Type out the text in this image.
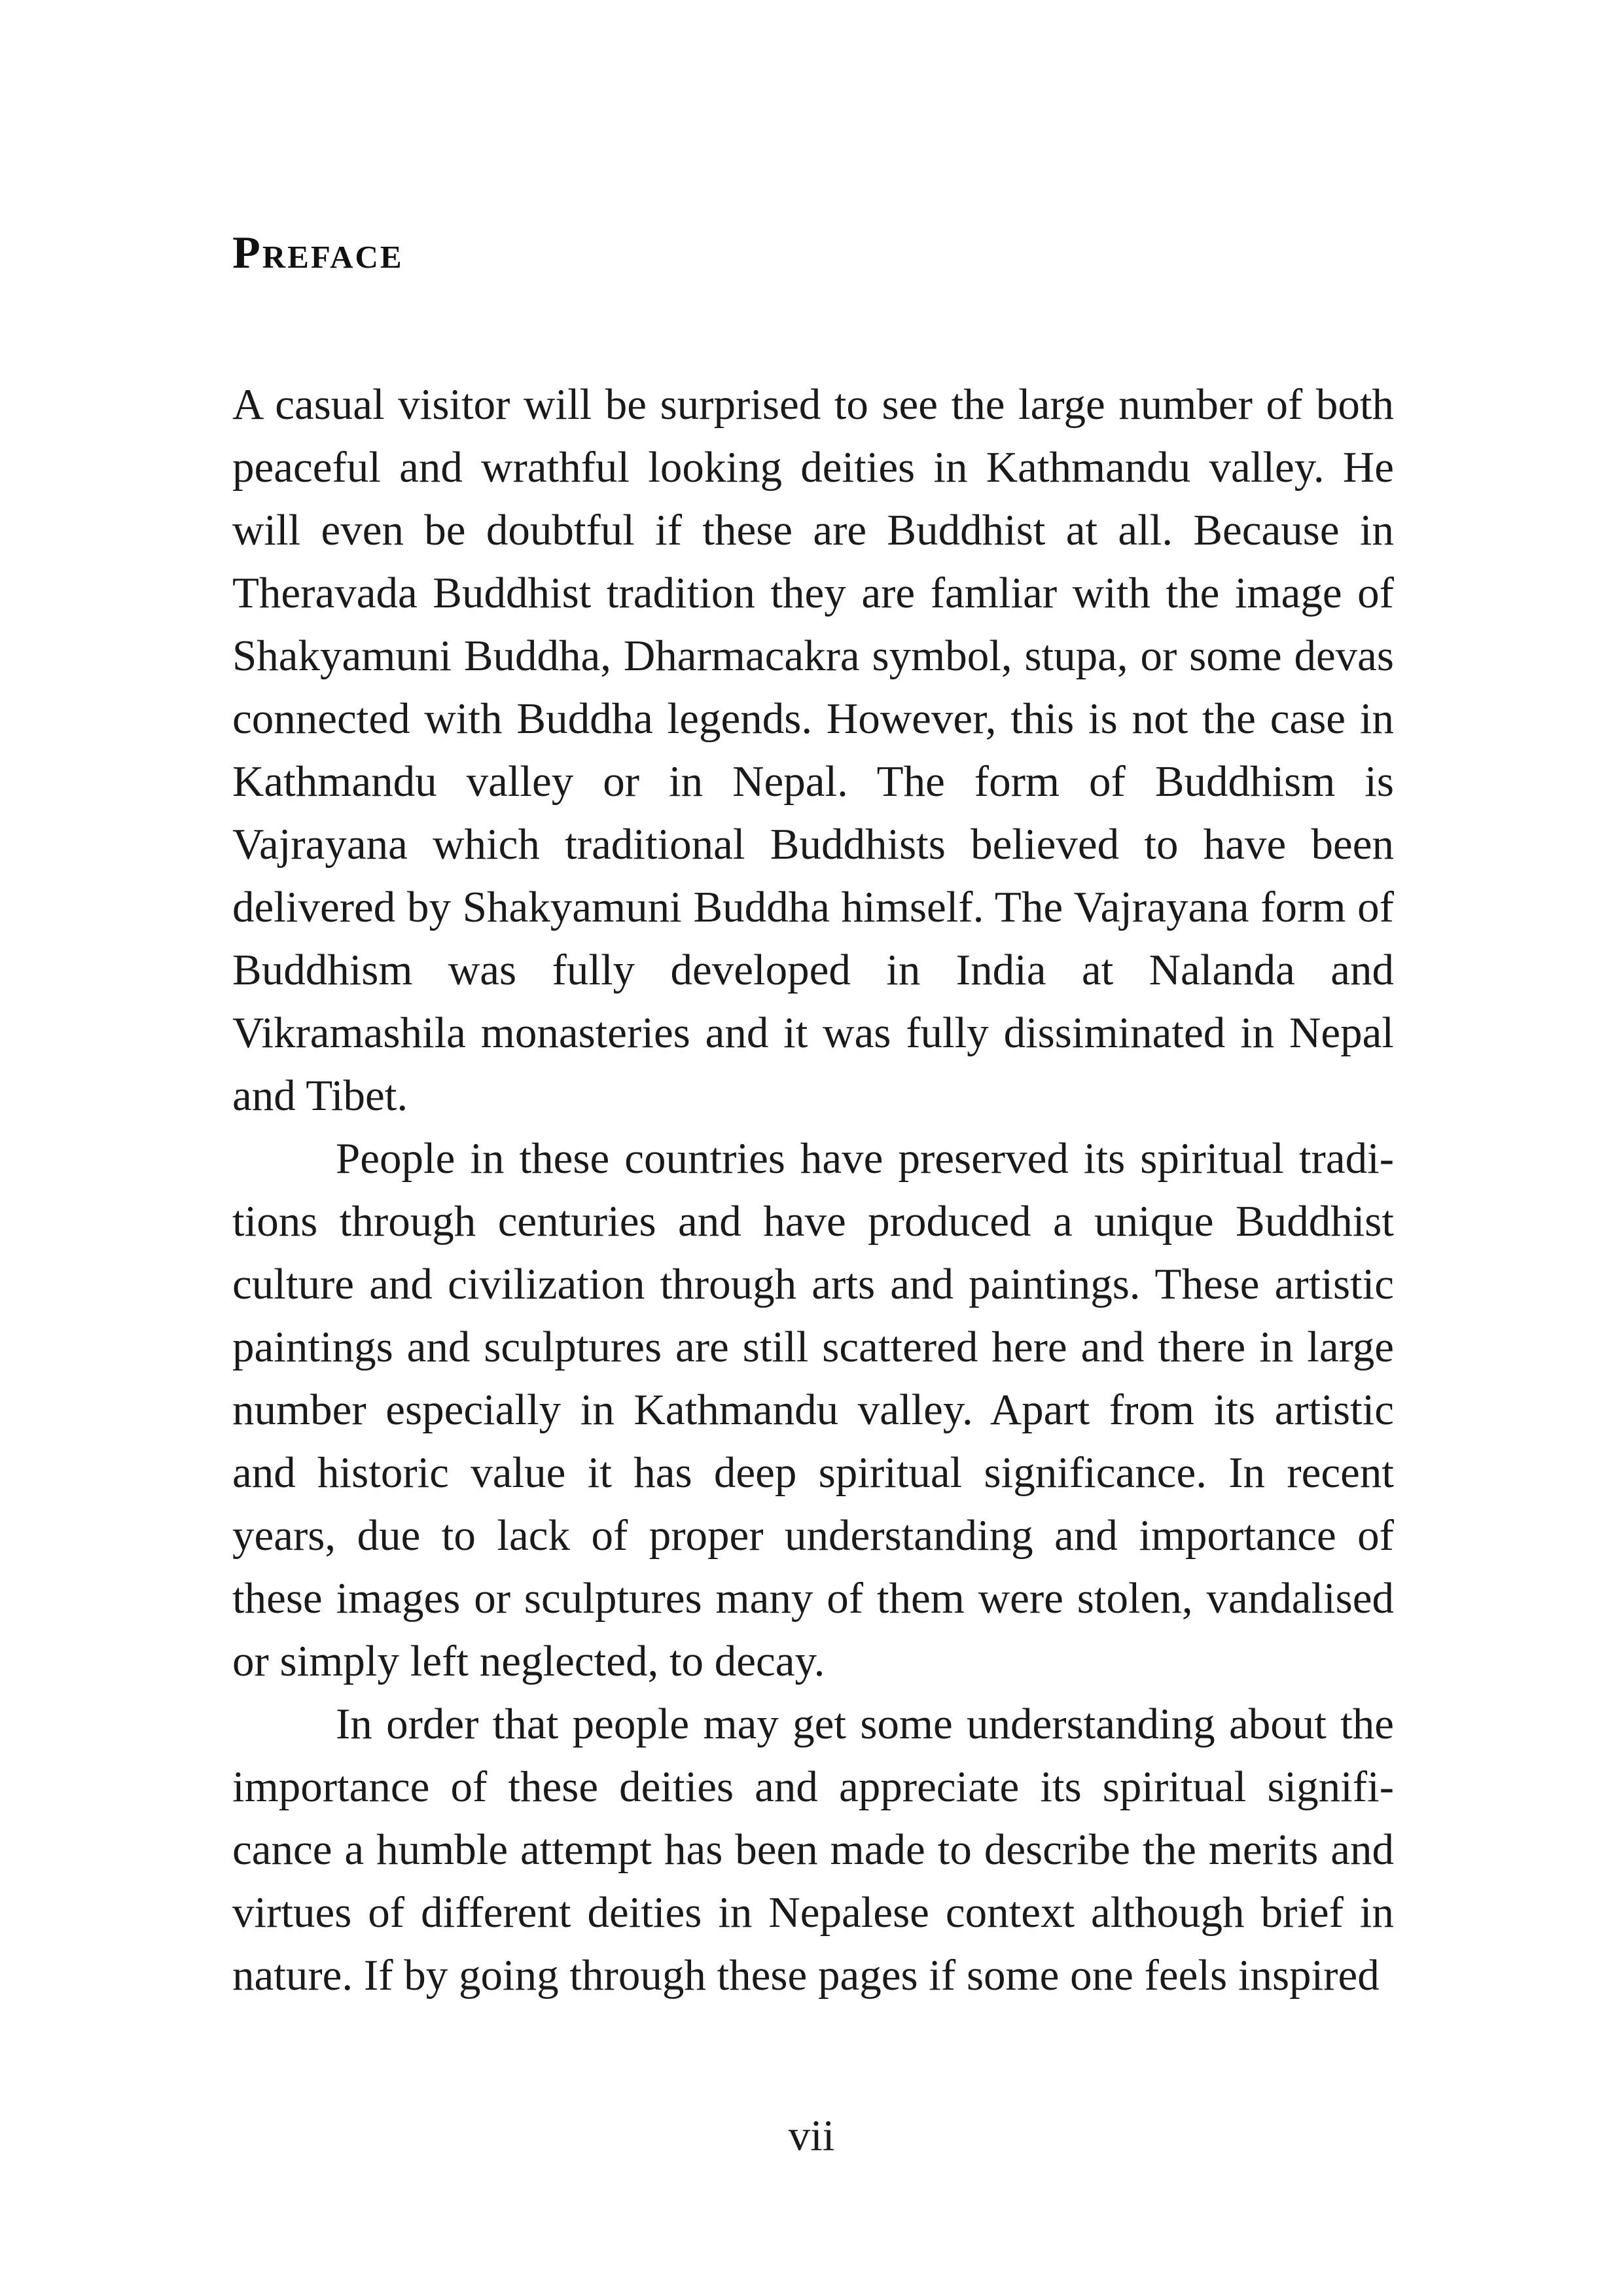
Preface

A casual visitor will be surprised to see the large number of both peaceful and wrathful looking deities in Kathmandu valley. He will even be doubtful if these are Buddhist at all. Because in Theravada Buddhist tradition they are famliar with the image of Shakyamuni Buddha, Dharmacakra symbol, stupa, or some devas connected with Buddha legends. However, this is not the case in Kathmandu valley or in Nepal. The form of Buddhism is Vajrayana which traditional Buddhists believed to have been delivered by Shakyamuni Buddha himself. The Vajrayana form of Buddhism was fully developed in India at Nalanda and Vikramashila monasteries and it was fully dissiminated in Nepal and Tibet.

People in these countries have preserved its spiritual traditions through centuries and have produced a unique Buddhist culture and civilization through arts and paintings. These artistic paintings and sculptures are still scattered here and there in large number especially in Kathmandu valley. Apart from its artistic and historic value it has deep spiritual significance. In recent years, due to lack of proper understanding and importance of these images or sculptures many of them were stolen, vandalised or simply left neglected, to decay.

In order that people may get some understanding about the importance of these deities and appreciate its spiritual significance a humble attempt has been made to describe the merits and virtues of different deities in Nepalese context although brief in nature. If by going through these pages if some one feels inspired

vii
